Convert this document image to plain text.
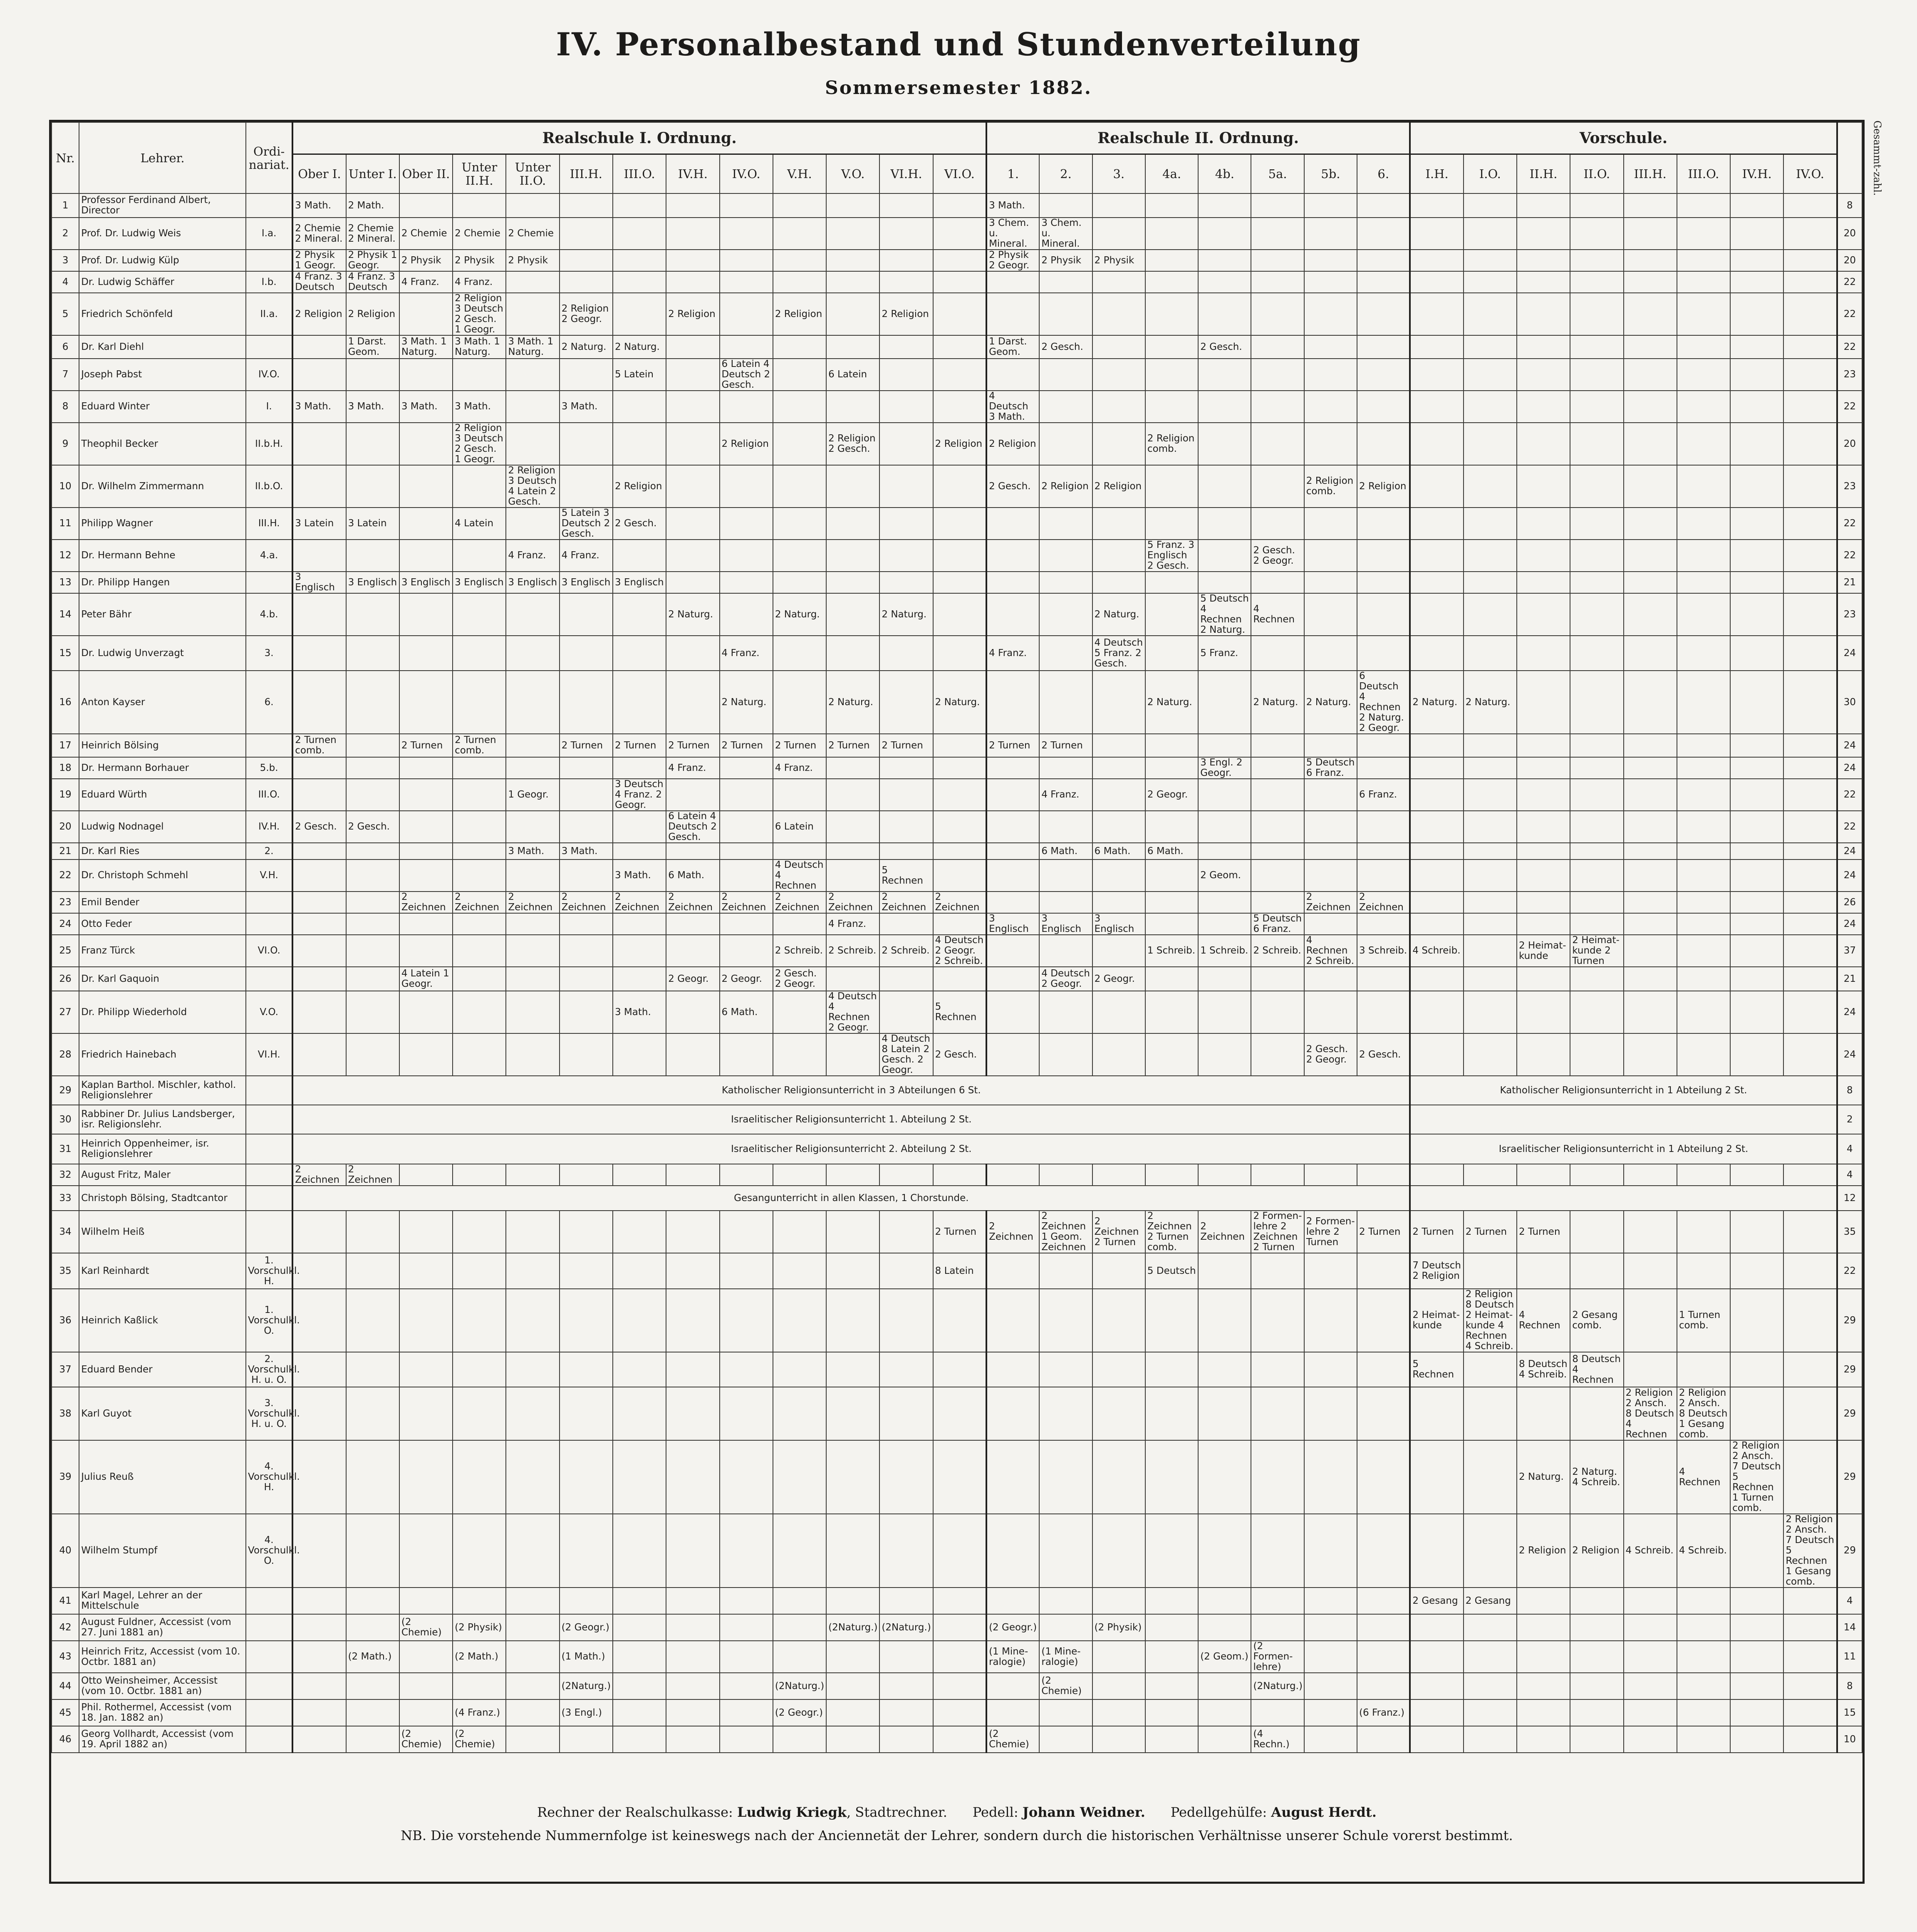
IV. Personalbestand und Stundenverteilung
Sommersemester 1882.
Nr.	Lehrer.	Ordi-nariat.	Realschule I. Ordnung.													Realschule II. Ordnung.								Vorschule.								Gesammt-zahl.
			Ober I.	Unter I.	Ober II.	Unter II.H.	Unter II.O.	III.H.	III.O.	IV.H.	IV.O.	V.H.	V.O.	VI.H.	VI.O.	1.	2.	3.	4a.	4b.	5a.	5b.	6.	I.H.	I.O.	II.H.	II.O.	III.H.	III.O.	IV.H.	IV.O.	
1	Professor Ferdinand Albert, Director		3 Math.	2 Math.												3 Math.																8
2	Prof. Dr. Ludwig Weis	I.a.	2 Chemie 2 Mineral.	2 Chemie 2 Mineral.	2 Chemie	2 Chemie	2 Chemie									3 Chem. u. Mineral.	3 Chem. u. Mineral.															20
3	Prof. Dr. Ludwig Külp		2 Physik 1 Geogr.	2 Physik 1 Geogr.	2 Physik	2 Physik	2 Physik									2 Physik 2 Geogr.	2 Physik	2 Physik														20
4	Dr. Ludwig Schäffer	I.b.	4 Franz. 3 Deutsch	4 Franz. 3 Deutsch	4 Franz.	4 Franz.																										22
5	Friedrich Schönfeld	II.a.	2 Religion	2 Religion		2 Religion 3 Deutsch 2 Gesch. 1 Geogr.		2 Religion 2 Geogr.		2 Religion		2 Religion		2 Religion																		22
6	Dr. Karl Diehl			1 Darst. Geom.	3 Math. 1 Naturg.	3 Math. 1 Naturg.	3 Math. 1 Naturg.	2 Naturg.	2 Naturg.							1 Darst. Geom.	2 Gesch.			2 Gesch.												22
7	Joseph Pabst	IV.O.							5 Latein		6 Latein 4 Deutsch 2 Gesch.		6 Latein																			23
8	Eduard Winter	I.	3 Math.	3 Math.	3 Math.	3 Math.		3 Math.								4 Deutsch 3 Math.																22
9	Theophil Becker	II.b.H.				2 Religion 3 Deutsch 2 Gesch. 1 Geogr.					2 Religion		2 Religion 2 Gesch.		2 Religion	2 Religion			2 Religion comb.													20
10	Dr. Wilhelm Zimmermann	II.b.O.					2 Religion 3 Deutsch 4 Latein 2 Gesch.		2 Religion							2 Gesch.	2 Religion	2 Religion				2 Religion comb.	2 Religion									23
11	Philipp Wagner	III.H.	3 Latein	3 Latein		4 Latein		5 Latein 3 Deutsch 2 Gesch.	2 Gesch.																							22
12	Dr. Hermann Behne	4.a.					4 Franz.	4 Franz.											5 Franz. 3 Englisch 2 Gesch.		2 Gesch. 2 Geogr.											22
13	Dr. Philipp Hangen		3 Englisch	3 Englisch	3 Englisch	3 Englisch	3 Englisch	3 Englisch	3 Englisch																							21
14	Peter Bähr	4.b.								2 Naturg.		2 Naturg.		2 Naturg.				2 Naturg.		5 Deutsch 4 Rechnen 2 Naturg.	4 Rechnen											23
15	Dr. Ludwig Unverzagt	3.									4 Franz.					4 Franz.		4 Deutsch 5 Franz. 2 Gesch.		5 Franz.												24
16	Anton Kayser	6.									2 Naturg.		2 Naturg.		2 Naturg.				2 Naturg.		2 Naturg.	2 Naturg.	6 Deutsch 4 Rechnen 2 Naturg. 2 Geogr.	2 Naturg.	2 Naturg.							30
17	Heinrich Bölsing		2 Turnen comb.		2 Turnen	2 Turnen comb.		2 Turnen	2 Turnen	2 Turnen	2 Turnen	2 Turnen	2 Turnen	2 Turnen		2 Turnen	2 Turnen															24
18	Dr. Hermann Borhauer	5.b.								4 Franz.		4 Franz.								3 Engl. 2 Geogr.		5 Deutsch 6 Franz.										24
19	Eduard Würth	III.O.					1 Geogr.		3 Deutsch 4 Franz. 2 Geogr.								4 Franz.		2 Geogr.				6 Franz.									22
20	Ludwig Nodnagel	IV.H.	2 Gesch.	2 Gesch.						6 Latein 4 Deutsch 2 Gesch.		6 Latein																				22
21	Dr. Karl Ries	2.					3 Math.	3 Math.									6 Math.	6 Math.	6 Math.													24
22	Dr. Christoph Schmehl	V.H.							3 Math.	6 Math.		4 Deutsch 4 Rechnen		5 Rechnen						2 Geom.												24
23	Emil Bender				2 Zeichnen	2 Zeichnen	2 Zeichnen	2 Zeichnen	2 Zeichnen	2 Zeichnen	2 Zeichnen	2 Zeichnen	2 Zeichnen	2 Zeichnen	2 Zeichnen							2 Zeichnen	2 Zeichnen									26
24	Otto Feder												4 Franz.			3 Englisch	3 Englisch	3 Englisch			5 Deutsch 6 Franz.											24
25	Franz Türck	VI.O.										2 Schreib.	2 Schreib.	2 Schreib.	4 Deutsch 2 Geogr. 2 Schreib.				1 Schreib.	1 Schreib.	2 Schreib.	4 Rechnen 2 Schreib.	3 Schreib.	4 Schreib.		2 Heimat-kunde	2 Heimat-kunde 2 Turnen					37
26	Dr. Karl Gaquoin				4 Latein 1 Geogr.					2 Geogr.	2 Geogr.	2 Gesch. 2 Geogr.					4 Deutsch 2 Geogr.	2 Geogr.														21
27	Dr. Philipp Wiederhold	V.O.							3 Math.		6 Math.		4 Deutsch 4 Rechnen 2 Geogr.		5 Rechnen																	24
28	Friedrich Hainebach	VI.H.												4 Deutsch 8 Latein 2 Gesch. 2 Geogr.	2 Gesch.							2 Gesch. 2 Geogr.	2 Gesch.									24
29	Kaplan Barthol. Mischler, kathol. Religionslehrer		Katholischer Religionsunterricht in 3 Abteilungen 6 St.																					Katholischer Religionsunterricht in 1 Abteilung 2 St.								8
30	Rabbiner Dr. Julius Landsberger, isr. Religionslehr.		Israelitischer Religionsunterricht 1. Abteilung 2 St.																													2
31	Heinrich Oppenheimer, isr. Religionslehrer		Israelitischer Religionsunterricht 2. Abteilung 2 St.																					Israelitischer Religionsunterricht in 1 Abteilung 2 St.								4
32	August Fritz, Maler		2 Zeichnen	2 Zeichnen																												4
33	Christoph Bölsing, Stadtcantor		Gesangunterricht in allen Klassen, 1 Chorstunde.																													12
34	Wilhelm Heiß														2 Turnen	2 Zeichnen	2 Zeichnen 1 Geom. Zeichnen	2 Zeichnen 2 Turnen	2 Zeichnen 2 Turnen comb.	2 Zeichnen	2 Formen-lehre 2 Zeichnen 2 Turnen	2 Formen-lehre 2 Turnen	2 Turnen	2 Turnen	2 Turnen	2 Turnen						35
35	Karl Reinhardt	1. Vorschulkl. H.													8 Latein				5 Deutsch					7 Deutsch 2 Religion								22
36	Heinrich Kaßlick	1. Vorschulkl. O.																						2 Heimat-kunde	2 Religion 8 Deutsch 2 Heimat-kunde 4 Rechnen 4 Schreib.	4 Rechnen	2 Gesang comb.		1 Turnen comb.			29
37	Eduard Bender	2. Vorschulkl. H. u. O.																						5 Rechnen		8 Deutsch 4 Schreib.	8 Deutsch 4 Rechnen					29
38	Karl Guyot	3. Vorschulkl. H. u. O.																										2 Religion 2 Ansch. 8 Deutsch 4 Rechnen	2 Religion 2 Ansch. 8 Deutsch 1 Gesang comb.			29
39	Julius Reuß	4. Vorschulkl. H.																								2 Naturg.	2 Naturg. 4 Schreib.		4 Rechnen	2 Religion 2 Ansch. 7 Deutsch 5 Rechnen 1 Turnen comb.		29
40	Wilhelm Stumpf	4. Vorschulkl. O.																								2 Religion	2 Religion	4 Schreib.	4 Schreib.		2 Religion 2 Ansch. 7 Deutsch 5 Rechnen 1 Gesang comb.	29
41	Karl Magel, Lehrer an der Mittelschule																							2 Gesang	2 Gesang							4
42	August Fuldner, Accessist (vom 27. Juni 1881 an)				(2 Chemie)	(2 Physik)		(2 Geogr.)					(2Naturg.)	(2Naturg.)		(2 Geogr.)		(2 Physik)														14
43	Heinrich Fritz, Accessist (vom 10. Octbr. 1881 an)			(2 Math.)		(2 Math.)		(1 Math.)								(1 Mine-ralogie)	(1 Mine-ralogie)			(2 Geom.)	(2 Formen-lehre)											11
44	Otto Weinsheimer, Accessist (vom 10. Octbr. 1881 an)							(2Naturg.)				(2Naturg.)					(2 Chemie)				(2Naturg.)											8
45	Phil. Rothermel, Accessist (vom 18. Jan. 1882 an)					(4 Franz.)		(3 Engl.)				(2 Geogr.)											(6 Franz.)									15
46	Georg Vollhardt, Accessist (vom 19. April 1882 an)				(2 Chemie)	(2 Chemie)										(2 Chemie)					(4 Rechn.)											10
Rechner der Realschulkasse: Ludwig Kriegk, Stadtrechner. Pedell: Johann Weidner. Pedellgehülfe: August Herdt.
NB. Die vorstehende Nummernfolge ist keineswegs nach der Anciennetät der Lehrer, sondern durch die historischen Verhältnisse unserer Schule vorerst bestimmt.
